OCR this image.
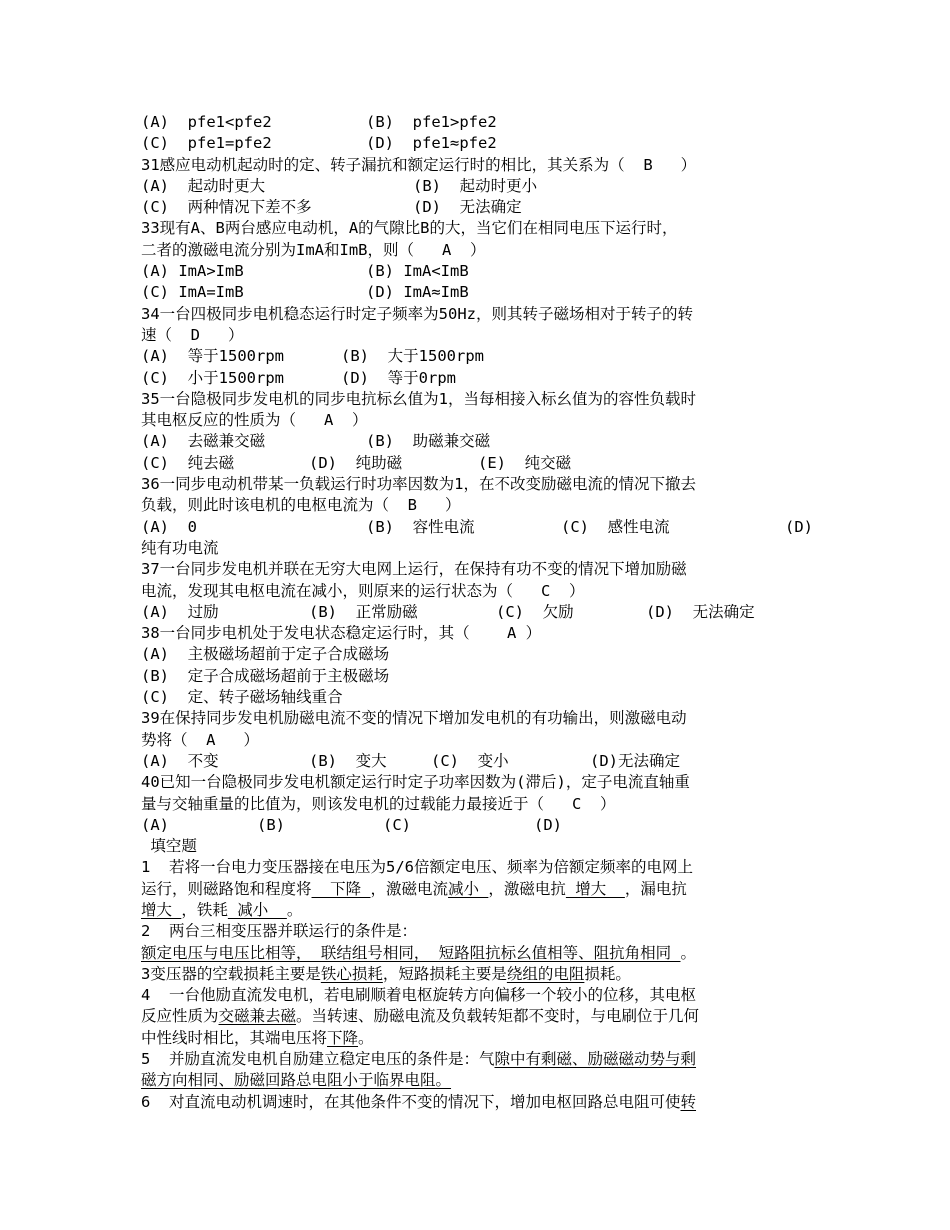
(A)  pfe1<pfe2	(B)  pfe1>pfe2
(C)  pfe1=pfe2	(D)  pfe1≈pfe2
31感应电动机起动时的定、转子漏抗和额定运行时的相比，其关系为（  B   ）
(A)  起动时更大	(B)  起动时更小
(C)  两种情况下差不多	(D)  无法确定
33现有A、B两台感应电动机，A的气隙比B的大，当它们在相同电压下运行时，
二者的激磁电流分别为ImA和ImB，则（   A  ）
(A) ImA>ImB	(B) ImA<ImB
(C) ImA=ImB	(D) ImA≈ImB
34一台四极同步电机稳态运行时定子频率为50Hz，则其转子磁场相对于转子的转
速（  D   ）
(A)  等于1500rpm	(B)  大于1500rpm
(C)  小于1500rpm	(D)  等于0rpm
35一台隐极同步发电机的同步电抗标幺值为1，当每相接入标幺值为的容性负载时
其电枢反应的性质为（   A  ）
(A)  去磁兼交磁	(B)  助磁兼交磁
(C)  纯去磁	(D)  纯助磁	(E)  纯交磁
36一同步电动机带某一负载运行时功率因数为1，在不改变励磁电流的情况下撤去
负载，则此时该电机的电枢电流为（  B   ）
(A)  0	(B)  容性电流	(C)  感性电流	(D)
纯有功电流
37一台同步发电机并联在无穷大电网上运行，在保持有功不变的情况下增加励磁
电流，发现其电枢电流在减小，则原来的运行状态为（   C  ）
(A)  过励	(B)  正常励磁	(C)  欠励	(D)  无法确定
38一台同步电机处于发电状态稳定运行时，其（    A ）
(A)  主极磁场超前于定子合成磁场
(B)  定子合成磁场超前于主极磁场
(C)  定、转子磁场轴线重合
39在保持同步发电机励磁电流不变的情况下增加发电机的有功输出，则激磁电动
势将（  A   ）
(A)  不变	(B)  变大	(C)  变小	(D)无法确定
40已知一台隐极同步发电机额定运行时定子功率因数为(滞后)，定子电流直轴重
量与交轴重量的比值为，则该发电机的过载能力最接近于（   C  ）
(A)	(B)	(C)	(D)
填空题
1  若将一台电力变压器接在电压为5/6倍额定电压、频率为倍额定频率的电网上
运行，则磁路饱和程度将  下降 ，激磁电流减小 ，激磁电抗 增大  ，漏电抗
增大 ，铁耗 减小  。
2  两台三相变压器并联运行的条件是：
额定电压与电压比相等， 联结组号相同， 短路阻抗标幺值相等、阻抗角相同 。
3变压器的空载损耗主要是铁心损耗，短路损耗主要是绕组的电阻损耗。
4  一台他励直流发电机，若电刷顺着电枢旋转方向偏移一个较小的位移，其电枢
反应性质为交磁兼去磁。当转速、励磁电流及负载转矩都不变时，与电刷位于几何
中性线时相比，其端电压将下降。
5  并励直流发电机自励建立稳定电压的条件是：气隙中有剩磁、励磁磁动势与剩
磁方向相同、励磁回路总电阻小于临界电阻。
6  对直流电动机调速时，在其他条件不变的情况下，增加电枢回路总电阻可使转
